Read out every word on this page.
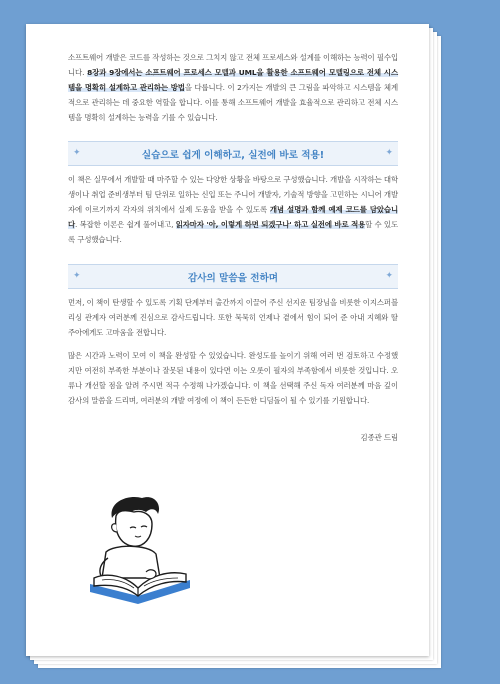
소프트웨어 개발은 코드를 작성하는 것으로 그치지 않고 전체 프로세스와 설계를 이해하는 능력이 필수입니다. 8장과 9장에서는 소프트웨어 프로세스 모델과 UML을 활용한 소프트웨어 모델링으로 전체 시스템을 명확히 설계하고 관리하는 방법을 다룹니다. 이 2가지는 개발의 큰 그림을 파악하고 시스템을 체계적으로 관리하는 데 중요한 역할을 합니다. 이를 통해 소프트웨어 개발을 효율적으로 관리하고 전체 시스템을 명확히 설계하는 능력을 기를 수 있습니다.

✦	실습으로 쉽게 이해하고, 실전에 바로 적용!	✦

이 책은 실무에서 개발할 때 마주할 수 있는 다양한 상황을 바탕으로 구성했습니다. 개발을 시작하는 대학생이나 취업 준비생부터 팀 단위로 일하는 신입 또는 주니어 개발자, 기술적 방향을 고민하는 시니어 개발자에 이르기까지 각자의 위치에서 실제 도움을 받을 수 있도록 개념 설명과 함께 예제 코드를 담았습니다. 복잡한 이론은 쉽게 풀어내고, 읽자마자 '아, 이렇게 하면 되겠구나' 하고 실전에 바로 적용할 수 있도록 구성했습니다.

✦	감사의 말씀을 전하며	✦

먼저, 이 책이 탄생할 수 있도록 기획 단계부터 출간까지 이끌어 주신 선지운 팀장님을 비롯한 이지스퍼블리싱 관계자 여러분께 진심으로 감사드립니다. 또한 묵묵히 언제나 곁에서 힘이 되어 준 아내 지혜와 딸 주아에게도 고마움을 전합니다.

많은 시간과 노력이 모여 이 책을 완성할 수 있었습니다. 완성도를 높이기 위해 여러 번 검토하고 수정했지만 여전히 부족한 부분이나 잘못된 내용이 있다면 이는 오롯이 필자의 부족함에서 비롯한 것입니다. 오류나 개선할 점을 알려 주시면 적극 수정해 나가겠습니다. 이 책을 선택해 주신 독자 여러분께 마음 깊이 감사의 말씀을 드리며, 여러분의 개발 여정에 이 책이 든든한 디딤돌이 될 수 있기를 기원합니다.

김종관 드림
